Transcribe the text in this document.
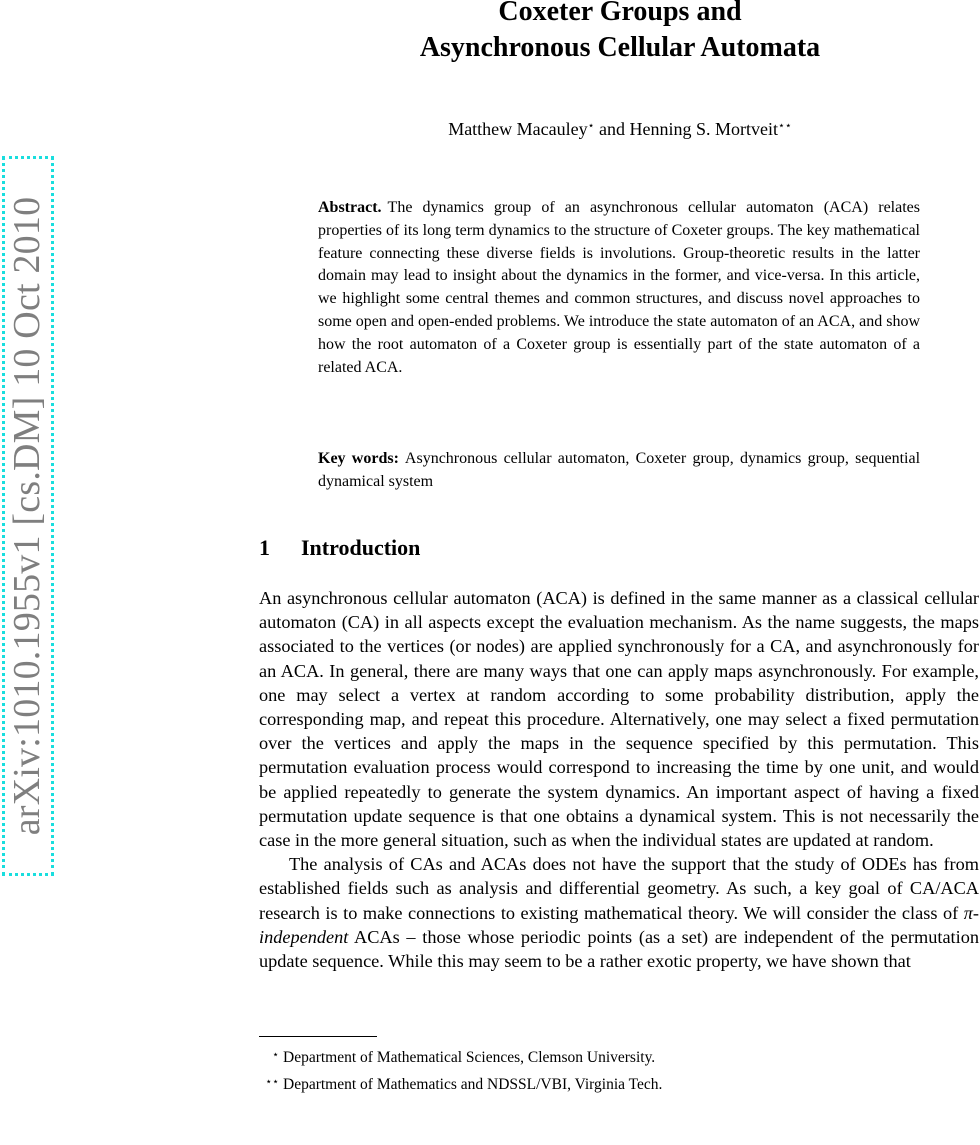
arXiv:1010.1955v1 [cs.DM] 10 Oct 2010
Coxeter Groups and
Asynchronous Cellular Automata
Matthew Macauley⋆ and Henning S. Mortveit⋆⋆
Abstract. The dynamics group of an asynchronous cellular automaton (ACA) relates properties of its long term dynamics to the structure of Coxeter groups. The key mathematical feature connecting these diverse fields is involutions. Group-theoretic results in the latter domain may lead to insight about the dynamics in the former, and vice-versa. In this article, we highlight some central themes and common structures, and discuss novel approaches to some open and open-ended problems. We introduce the state automaton of an ACA, and show how the root automaton of a Coxeter group is essentially part of the state automaton of a related ACA.
Key words: Asynchronous cellular automaton, Coxeter group, dynamics group, sequential dynamical system
1 Introduction

An asynchronous cellular automaton (ACA) is defined in the same manner as a classical cellular automaton (CA) in all aspects except the evaluation mechanism. As the name suggests, the maps associated to the vertices (or nodes) are applied synchronously for a CA, and asynchronously for an ACA. In general, there are many ways that one can apply maps asynchronously. For example, one may select a vertex at random according to some probability distribution, apply the corresponding map, and repeat this procedure. Alternatively, one may select a fixed permutation over the vertices and apply the maps in the sequence specified by this permutation. This permutation evaluation process would correspond to increasing the time by one unit, and would be applied repeatedly to generate the system dynamics. An important aspect of having a fixed permutation update sequence is that one obtains a dynamical system. This is not necessarily the case in the more general situation, such as when the individual states are updated at random.

The analysis of CAs and ACAs does not have the support that the study of ODEs has from established fields such as analysis and differential geometry. As such, a key goal of CA/ACA research is to make connections to existing mathematical theory. We will consider the class of π-independent ACAs – those whose periodic points (as a set) are independent of the permutation update sequence. While this may seem to be a rather exotic property, we have shown that

⋆ Department of Mathematical Sciences, Clemson University.
⋆⋆ Department of Mathematics and NDSSL/VBI, Virginia Tech.
